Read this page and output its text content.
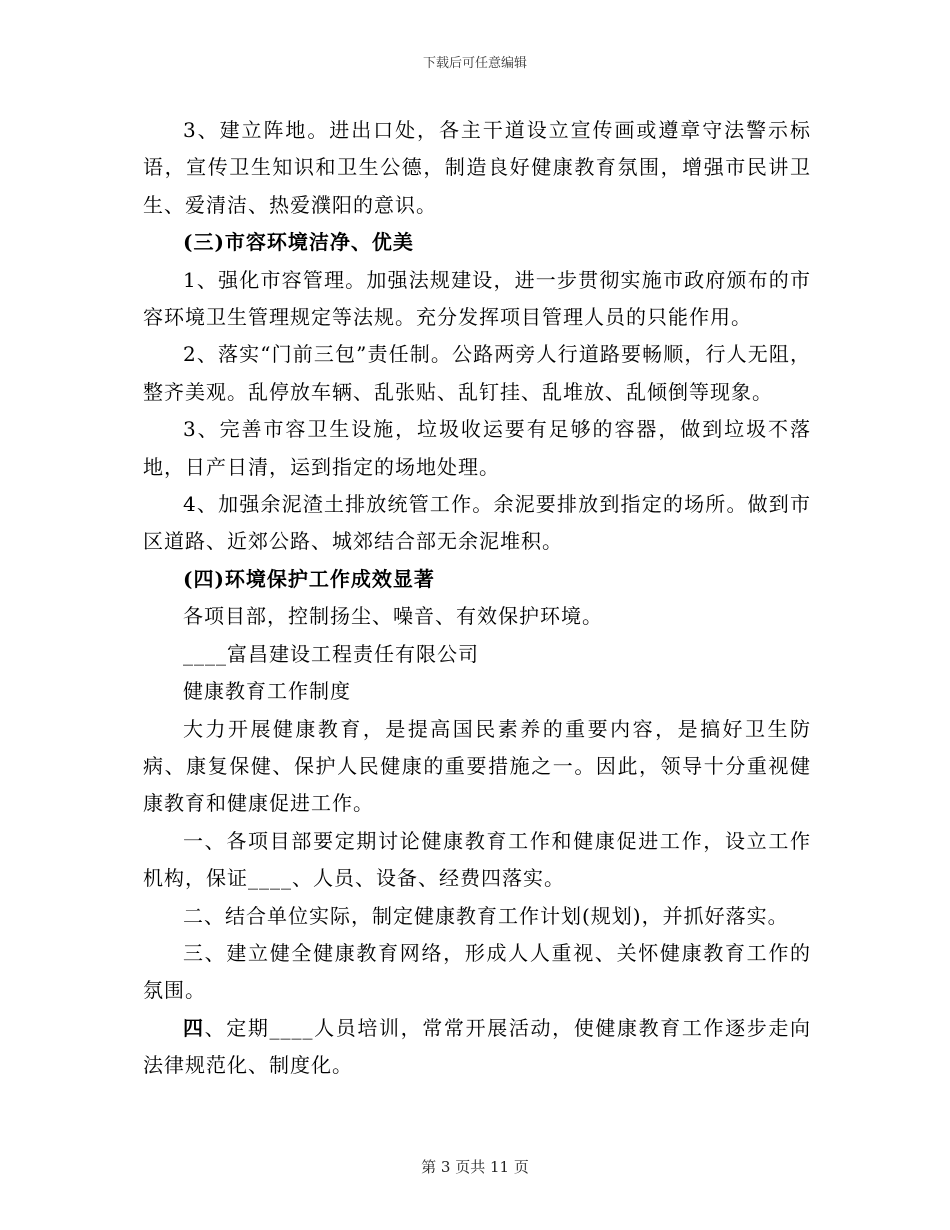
下载后可任意编辑

3、建立阵地。进出口处，各主干道设立宣传画或遵章守法警示标语，宣传卫生知识和卫生公德，制造良好健康教育氛围，增强市民讲卫生、爱清洁、热爱濮阳的意识。

(三)市容环境洁净、优美

1、强化市容管理。加强法规建设，进一步贯彻实施市政府颁布的市容环境卫生管理规定等法规。充分发挥项目管理人员的只能作用。

2、落实“门前三包”责任制。公路两旁人行道路要畅顺，行人无阻，整齐美观。乱停放车辆、乱张贴、乱钉挂、乱堆放、乱倾倒等现象。

3、完善市容卫生设施，垃圾收运要有足够的容器，做到垃圾不落地，日产日清，运到指定的场地处理。

4、加强余泥渣土排放统管工作。余泥要排放到指定的场所。做到市区道路、近郊公路、城郊结合部无余泥堆积。

(四)环境保护工作成效显著

各项目部，控制扬尘、噪音、有效保护环境。

____富昌建设工程责任有限公司

健康教育工作制度

大力开展健康教育，是提高国民素养的重要内容，是搞好卫生防病、康复保健、保护人民健康的重要措施之一。因此，领导十分重视健康教育和健康促进工作。

一、各项目部要定期讨论健康教育工作和健康促进工作，设立工作机构，保证____、人员、设备、经费四落实。

二、结合单位实际，制定健康教育工作计划(规划)，并抓好落实。

三、建立健全健康教育网络，形成人人重视、关怀健康教育工作的氛围。

四、定期____人员培训，常常开展活动，使健康教育工作逐步走向法律规范化、制度化。

第 3 页共 11 页
